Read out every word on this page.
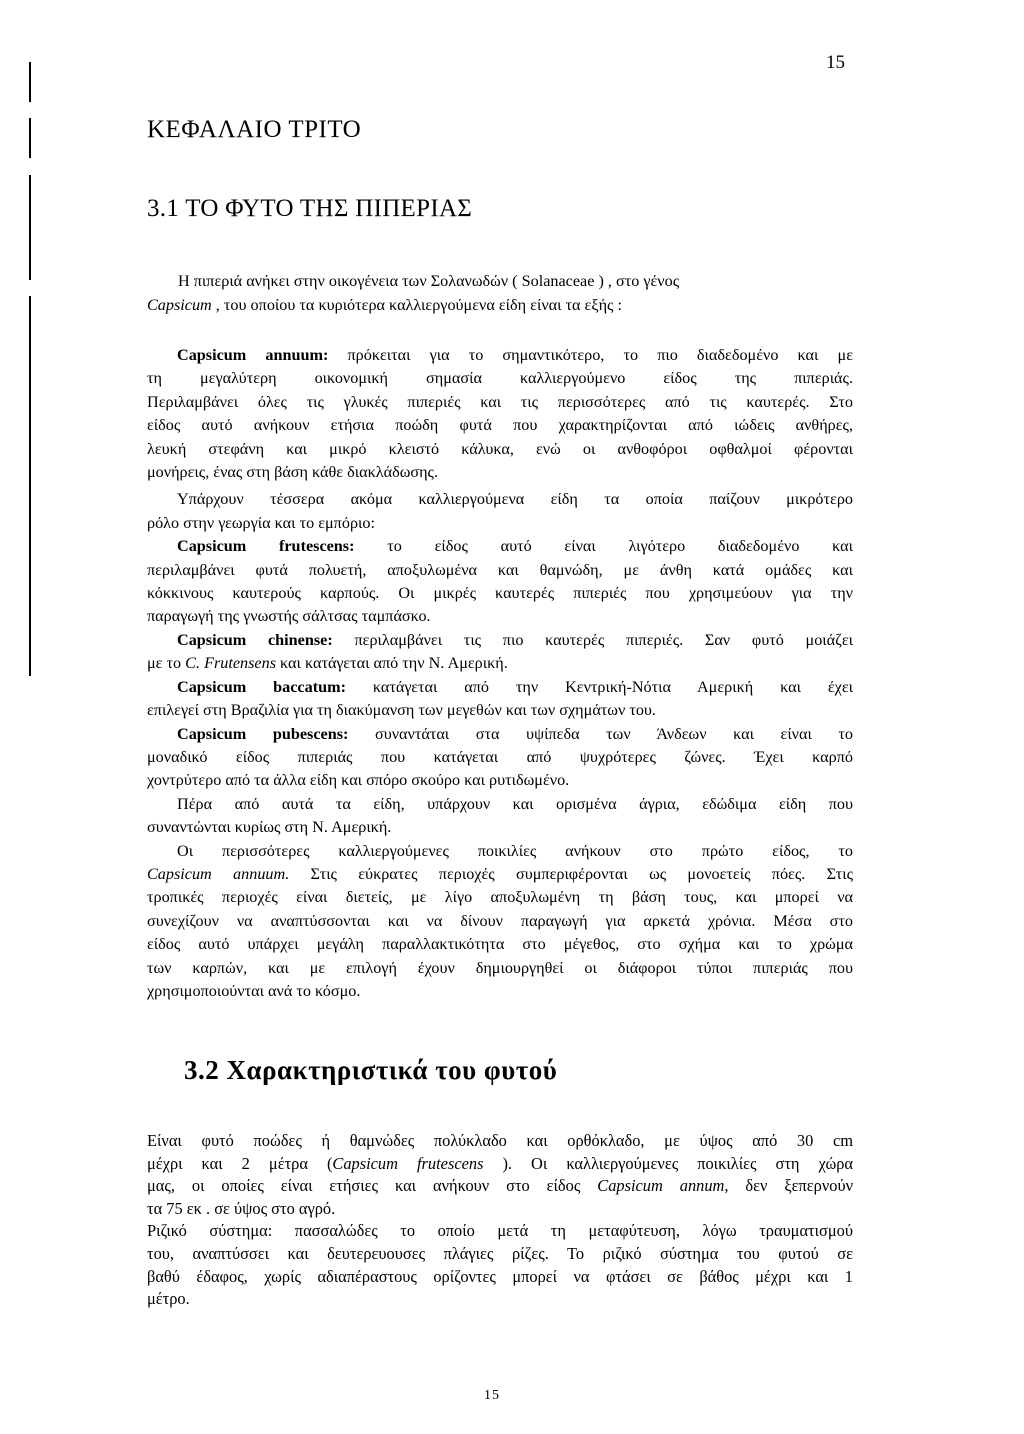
15
ΚΕΦΑΛΑΙΟ ΤΡΙΤΟ
3.1 ΤΟ ΦΥΤΟ ΤΗΣ ΠΙΠΕΡΙΑΣ
Η πιπεριά ανήκει στην οικογένεια των Σολανωδών ( Solanaceae ) , στο γένος
Capsicum , του οποίου τα κυριότερα καλλιεργούμενα είδη είναι τα εξής :
Capsicum annuum: πρόκειται για το σημαντικότερο, το πιο διαδεδομένο και με
τη μεγαλύτερη οικονομική σημασία καλλιεργούμενο είδος της πιπεριάς.
Περιλαμβάνει όλες τις γλυκές πιπεριές και τις περισσότερες από τις καυτερές. Στο
είδος αυτό ανήκουν ετήσια ποώδη φυτά που χαρακτηρίζονται από ιώδεις ανθήρες,
λευκή στεφάνη και μικρό κλειστό κάλυκα, ενώ οι ανθοφόροι οφθαλμοί φέρονται
μονήρεις, ένας στη βάση κάθε διακλάδωσης.
Υπάρχουν τέσσερα ακόμα καλλιεργούμενα είδη τα οποία παίζουν μικρότερο
ρόλο στην γεωργία και το εμπόριο:
Capsicum frutescens: το είδος αυτό είναι λιγότερο διαδεδομένο και
περιλαμβάνει φυτά πολυετή, αποξυλωμένα και θαμνώδη, με άνθη κατά ομάδες και
κόκκινους καυτερούς καρπούς. Οι μικρές καυτερές πιπεριές που χρησιμεύουν για την
παραγωγή της γνωστής σάλτσας ταμπάσκο.
Capsicum chinense: περιλαμβάνει τις πιο καυτερές πιπεριές. Σαν φυτό μοιάζει
με το C. Frutensens και κατάγεται από την Ν. Αμερική.
Capsicum baccatum: κατάγεται από την Κεντρική-Νότια Αμερική και έχει
επιλεγεί στη Βραζιλία για τη διακύμανση των μεγεθών και των σχημάτων του.
Capsicum pubescens: συναντάται στα υψίπεδα των Άνδεων και είναι το
μοναδικό είδος πιπεριάς που κατάγεται από ψυχρότερες ζώνες. Έχει καρπό
χοντρύτερο από τα άλλα είδη και σπόρο σκούρο και ρυτιδωμένο.
Πέρα από αυτά τα είδη, υπάρχουν και ορισμένα άγρια, εδώδιμα είδη που
συναντώνται κυρίως στη Ν. Αμερική.
Οι περισσότερες καλλιεργούμενες ποικιλίες ανήκουν στο πρώτο είδος, το
Capsicum annuum. Στις εύκρατες περιοχές συμπεριφέρονται ως μονοετείς πόες. Στις
τροπικές περιοχές είναι διετείς, με λίγο αποξυλωμένη τη βάση τους, και μπορεί να
συνεχίζουν να αναπτύσσονται και να δίνουν παραγωγή για αρκετά χρόνια. Μέσα στο
είδος αυτό υπάρχει μεγάλη παραλλακτικότητα στο μέγεθος, στο σχήμα και το χρώμα
των καρπών, και με επιλογή έχουν δημιουργηθεί οι διάφοροι τύποι πιπεριάς που
χρησιμοποιούνται ανά το κόσμο.
3.2 Χαρακτηριστικά του φυτού
Είναι φυτό ποώδες ή θαμνώδες πολύκλαδο και ορθόκλαδο, με ύψος από 30 cm
μέχρι και 2 μέτρα (Capsicum frutescens ). Οι καλλιεργούμενες ποικιλίες στη χώρα
μας, οι οποίες είναι ετήσιες και ανήκουν στο είδος Capsicum annum, δεν ξεπερνούν
τα 75 εκ . σε ύψος στο αγρό.
Ριζικό σύστημα: πασσαλώδες το οποίο μετά τη μεταφύτευση, λόγω τραυματισμού
του, αναπτύσσει και δευτερευουσες πλάγιες ρίζες. Το ριζικό σύστημα του φυτού σε
βαθύ έδαφος, χωρίς αδιαπέραστους ορίζοντες μπορεί να φτάσει σε βάθος μέχρι και 1
μέτρο.
15
